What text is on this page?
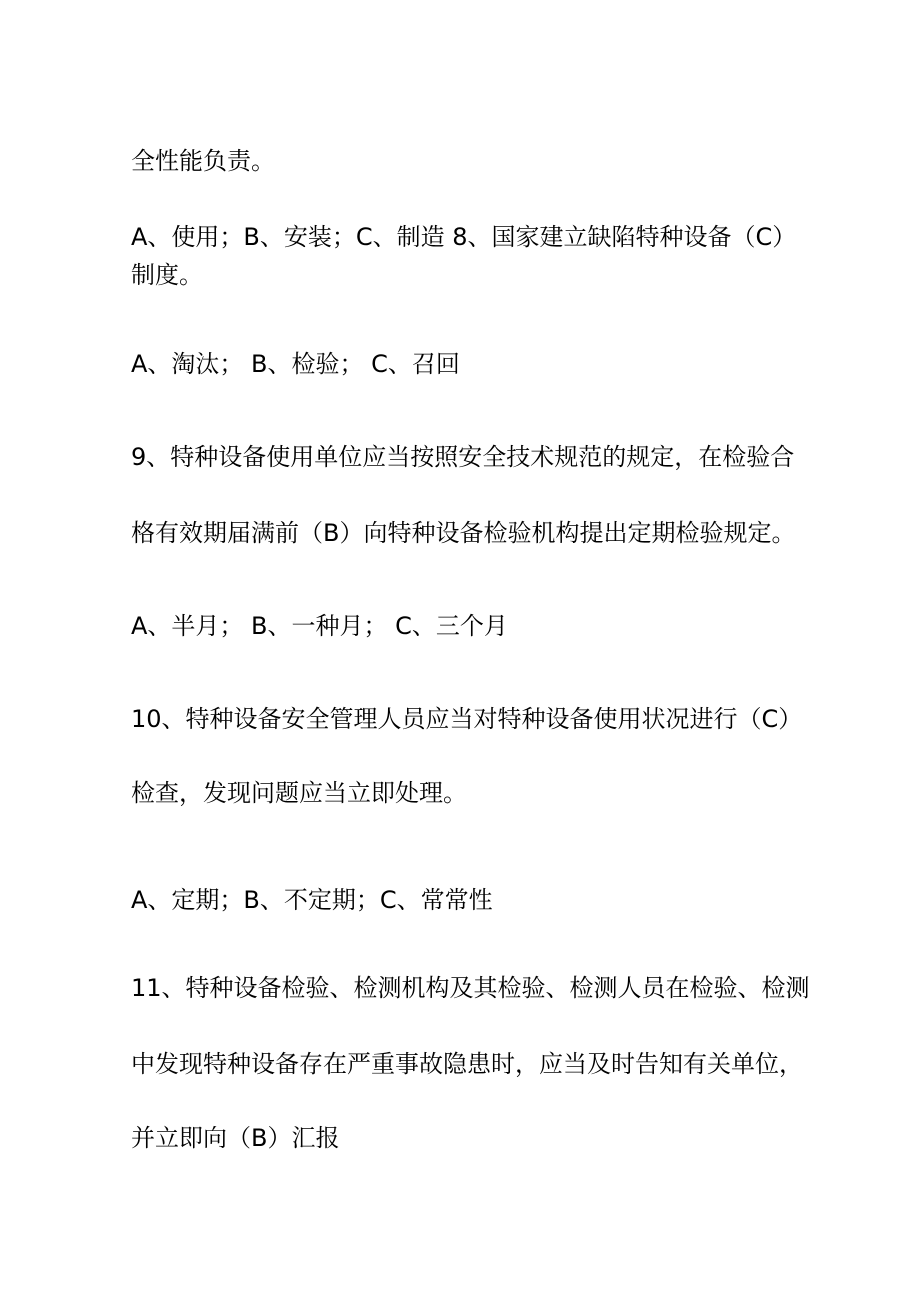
全性能负责。
A、使用；B、安装；C、制造 8、国家建立缺陷特种设备（C）
制度。
A、淘汰； B、检验； C、召回
9、特种设备使用单位应当按照安全技术规范的规定，在检验合
格有效期届满前（B）向特种设备检验机构提出定期检验规定。
A、半月； B、一种月； C、三个月
10、特种设备安全管理人员应当对特种设备使用状况进行（C）
检查，发现问题应当立即处理。
A、定期；B、不定期；C、常常性
11、特种设备检验、检测机构及其检验、检测人员在检验、检测
中发现特种设备存在严重事故隐患时，应当及时告知有关单位，
并立即向（B）汇报
